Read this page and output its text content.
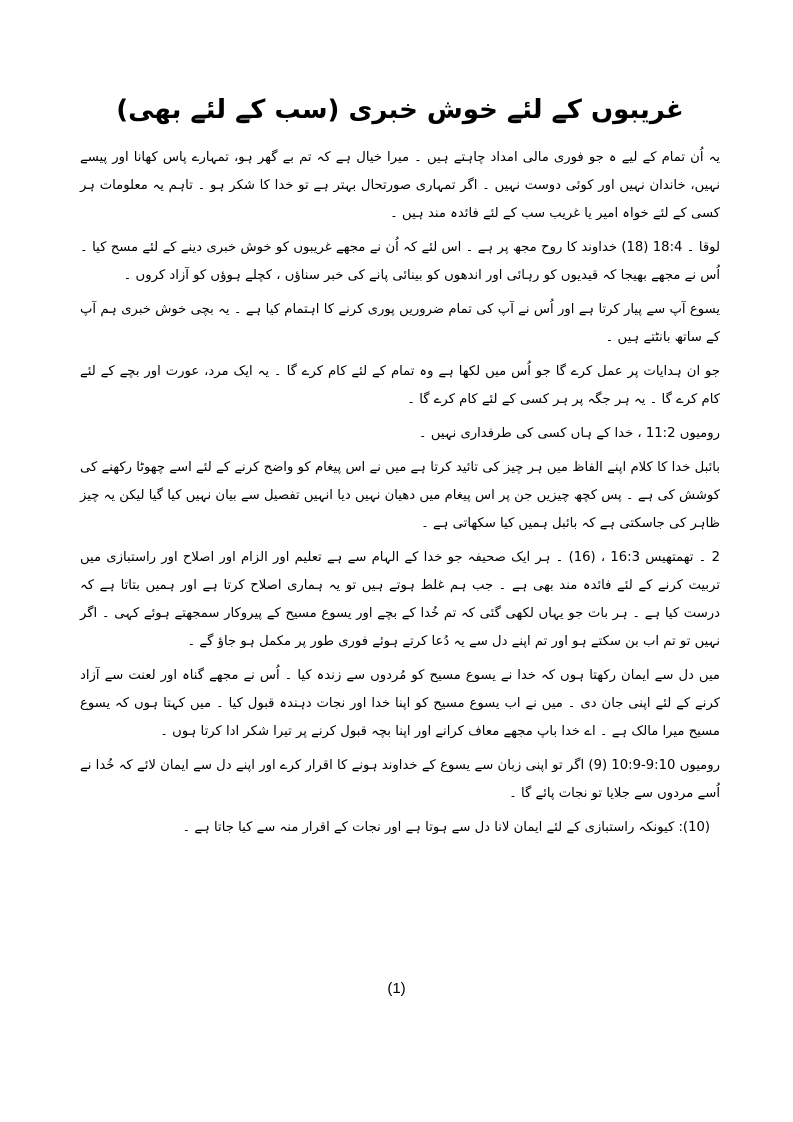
غریبوں کے لئے خوش خبری (سب کے لئے بھی)

یہ اُن تمام کے لیے ہ جو فوری مالی امداد چاہتے ہیں ۔ میرا خیال ہے کہ تم بے گھر ہو، تمہارے پاس کھانا اور پیسے نہیں، خاندان نہیں اور کوئی دوست نہیں ۔ اگر تمہاری صورتحال بہتر ہے تو خدا کا شکر ہو ۔ تاہم یہ معلومات ہر کسی کے لئے خواہ امیر یا غریب سب کے لئے فائدہ مند ہیں ۔

لوقا ۔ 18:4 (18) خداوند کا روح مجھ پر ہے ۔ اس لئے کہ اُن نے مجھے غریبوں کو خوش خبری دینے کے لئے مسح کیا ۔ اُس نے مجھے بھیجا کہ قیدیوں کو رہائی اور اندھوں کو بینائی پانے کی خبر سناؤں ، کچلے ہوؤں کو آزاد کروں ۔

یسوع آپ سے پیار کرتا ہے اور اُس نے آپ کی تمام ضروریں پوری کرنے کا اہتمام کیا ہے ۔ یہ بچی خوش خبری ہم آپ کے ساتھ بانٹتے ہیں ۔

جو ان ہدایات پر عمل کرے گا جو اُس میں لکھا ہے وہ تمام کے لئے کام کرے گا ۔ یہ ایک مرد، عورت اور بچے کے لئے کام کرے گا ۔ یہ ہر جگہ پر ہر کسی کے لئے کام کرے گا ۔

رومیوں 11:2 ، خدا کے ہاں کسی کی طرفداری نہیں ۔

بائبل خدا کا کلام اپنے الفاظ میں ہر چیز کی تائید کرتا ہے میں نے اس پیغام کو واضح کرنے کے لئے اسے چھوٹا رکھنے کی کوشش کی ہے ۔ پس کچھ چیزیں جن پر اس پیغام میں دھیان نہیں دیا انہیں تفصیل سے بیان نہیں کیا گیا لیکن یہ چیز ظاہر کی جاسکتی ہے کہ بائبل ہمیں کیا سکھاتی ہے ۔

2 ۔ تھمتھیس 16:3 ، (16) ۔ ہر ایک صحیفہ جو خدا کے الہام سے ہے تعلیم اور الزام اور اصلاح اور راستبازی میں تربیت کرنے کے لئے فائدہ مند بھی ہے ۔ جب ہم غلط ہوتے ہیں تو یہ ہماری اصلاح کرتا ہے اور ہمیں بتاتا ہے کہ درست کیا ہے ۔ ہر بات جو یہاں لکھی گئی کہ تم خُدا کے بچے اور یسوع مسیح کے پیروکار سمجھتے ہوئے کہی ۔ اگر نہیں تو تم اب بن سکتے ہو اور تم اپنے دل سے یہ دُعا کرتے ہوئے فوری طور پر مکمل ہو جاؤ گے ۔

میں دل سے ایمان رکھتا ہوں کہ خدا نے یسوع مسیح کو مُردوں سے زندہ کیا ۔ اُس نے مجھے گناہ اور لعنت سے آزاد کرنے کے لئے اپنی جان دی ۔ میں نے اب یسوع مسیح کو اپنا خدا اور نجات دہندہ قبول کیا ۔ میں کہتا ہوں کہ یسوع مسیح میرا مالک ہے ۔ اے خدا باپ مجھے معاف کرانے اور اپنا بچہ قبول کرنے پر تیرا شکر ادا کرتا ہوں ۔

رومیوں 9:10-10:9 (9) اگر تو اپنی زبان سے یسوع کے خداوند ہونے کا اقرار کرے اور اپنے دل سے ایمان لائے کہ خُدا نے اُسے مردوں سے جلایا تو نجات پائے گا ۔

(10): کیونکہ راستبازی کے لئے ایمان لانا دل سے ہوتا ہے اور نجات کے اقرار منہ سے کیا جاتا ہے ۔

(1)
